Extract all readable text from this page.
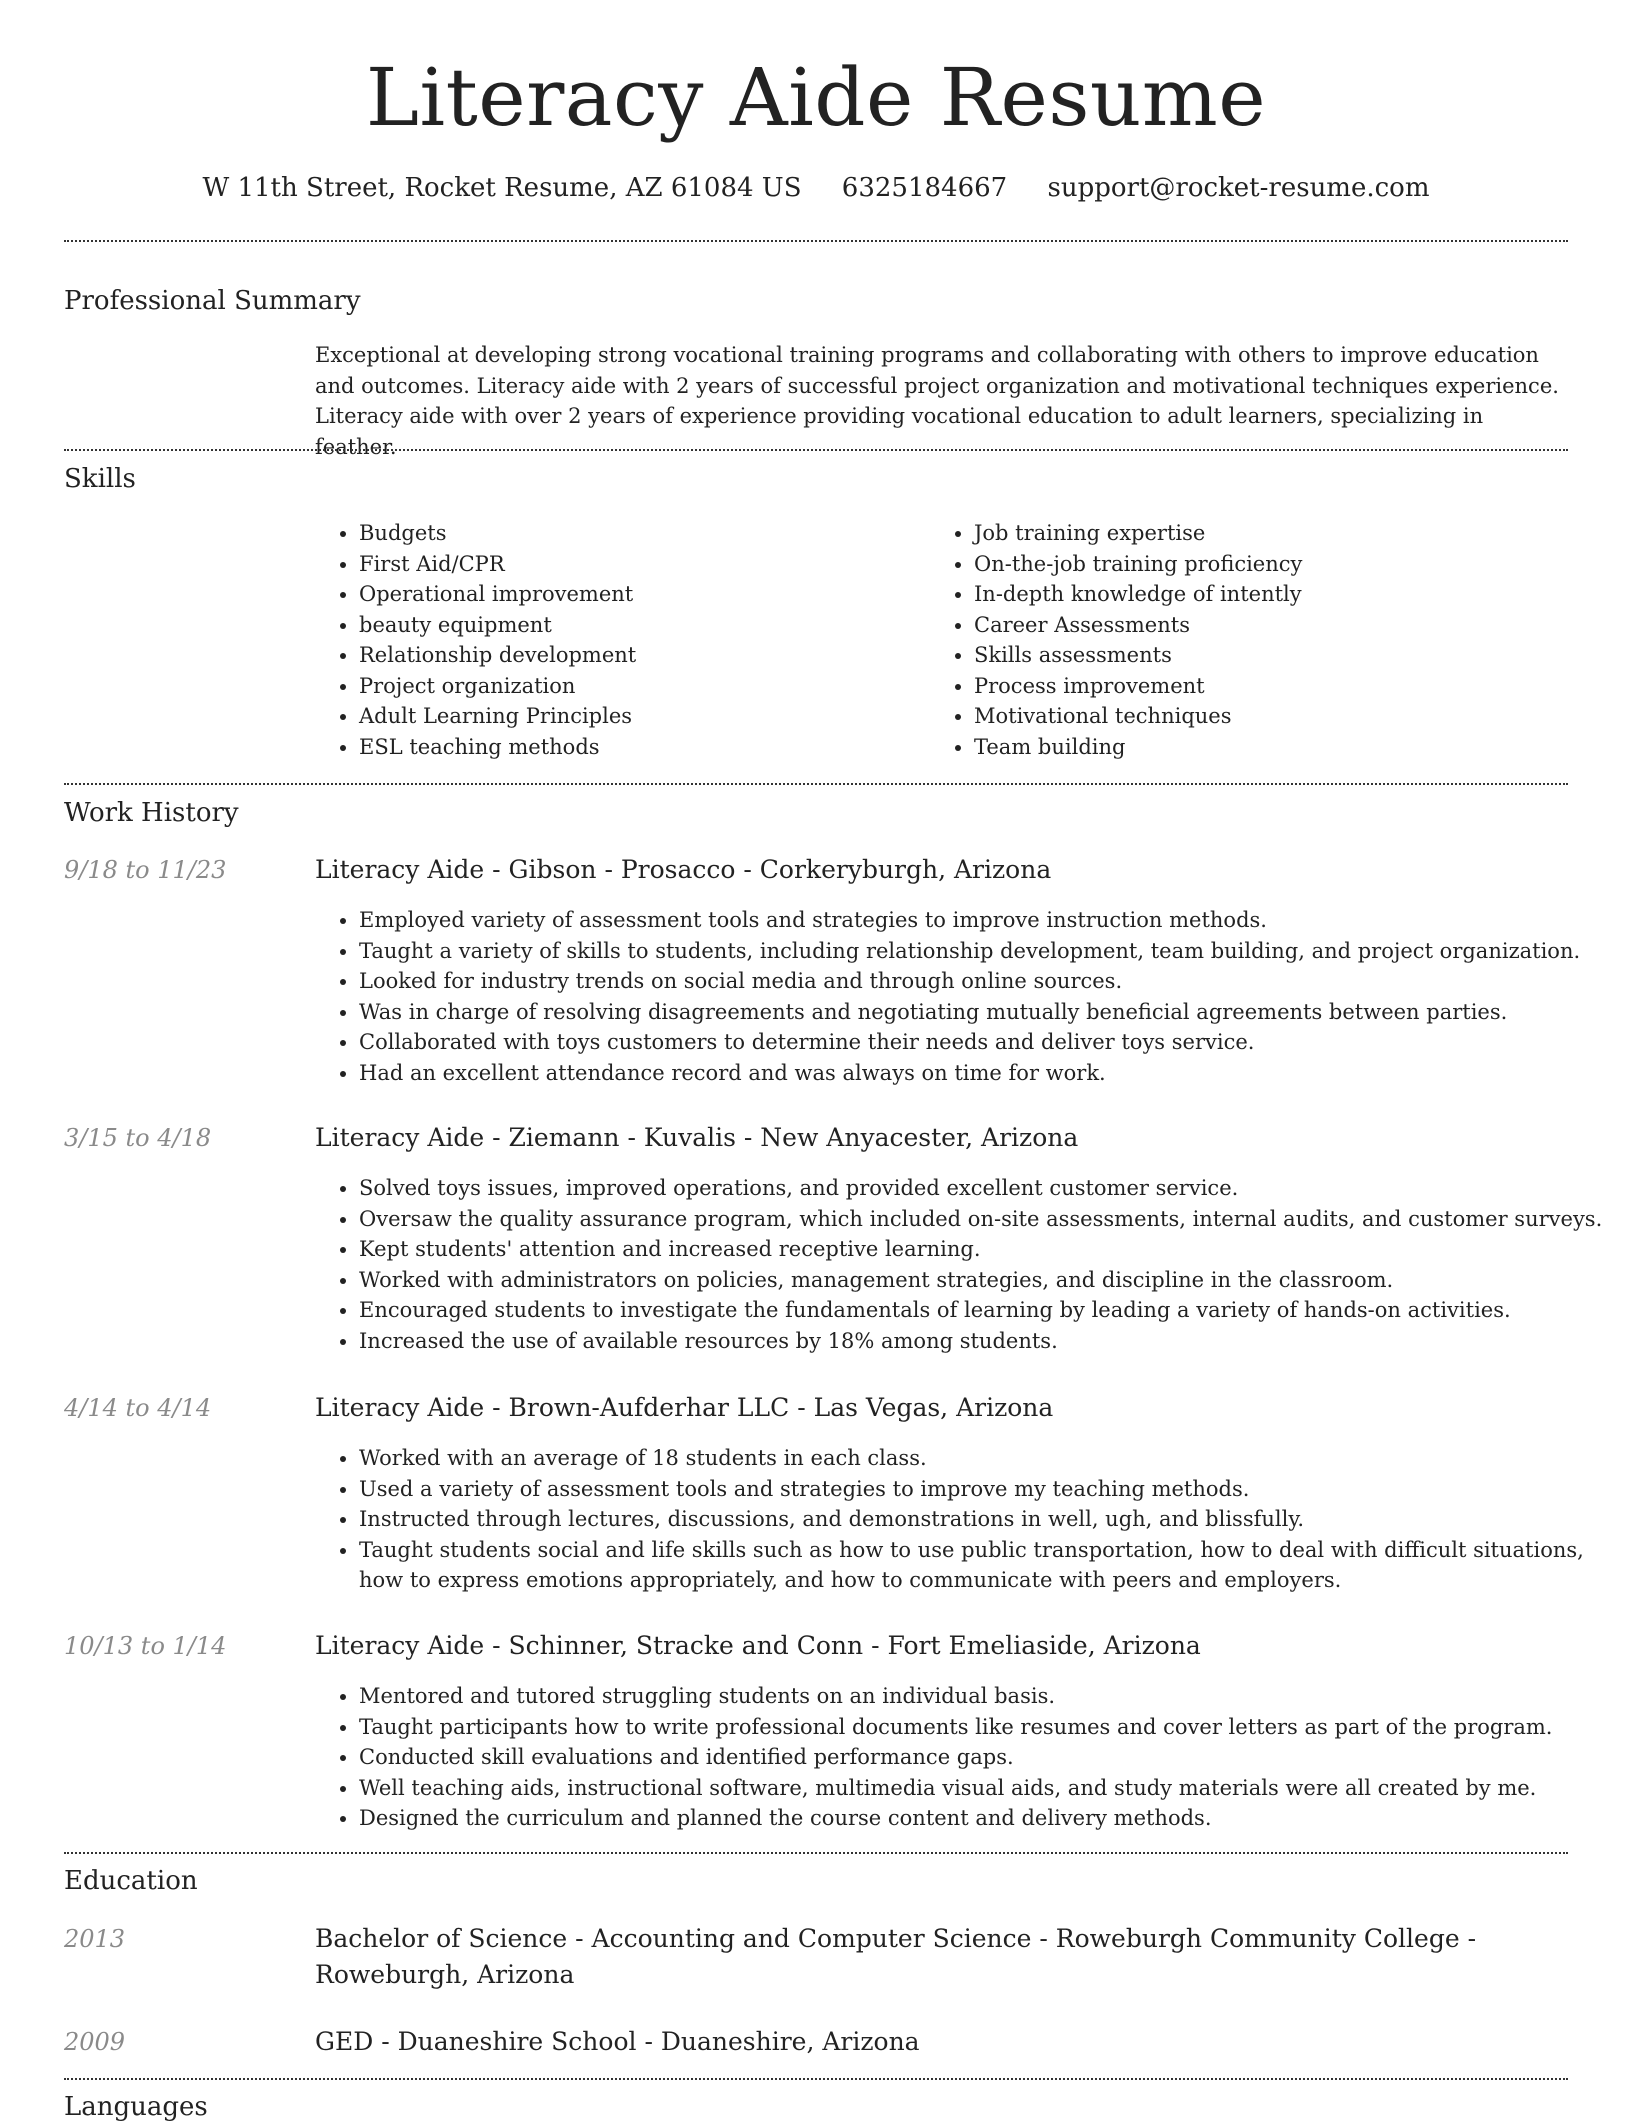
Literacy Aide Resume
W 11th Street, Rocket Resume, AZ 61084 US 6325184667 support@rocket-resume.com
Professional Summary

Exceptional at developing strong vocational training programs and collaborating with others to improve education and outcomes. Literacy aide with 2 years of successful project organization and motivational techniques experience. Literacy aide with over 2 years of experience providing vocational education to adult learners, specializing in feather.

Skills
• Budgets
• First Aid/CPR
• Operational improvement
• beauty equipment
• Relationship development
• Project organization
• Adult Learning Principles
• ESL teaching methods
• Job training expertise
• On-the-job training proficiency
• In-depth knowledge of intently
• Career Assessments
• Skills assessments
• Process improvement
• Motivational techniques
• Team building
Work History
9/18 to 11/23	Literacy Aide - Gibson - Prosacco - Corkeryburgh, Arizona
• Employed variety of assessment tools and strategies to improve instruction methods.
• Taught a variety of skills to students, including relationship development, team building, and project organization.
• Looked for industry trends on social media and through online sources.
• Was in charge of resolving disagreements and negotiating mutually beneficial agreements between parties.
• Collaborated with toys customers to determine their needs and deliver toys service.
• Had an excellent attendance record and was always on time for work.
3/15 to 4/18	Literacy Aide - Ziemann - Kuvalis - New Anyacester, Arizona
• Solved toys issues, improved operations, and provided excellent customer service.
• Oversaw the quality assurance program, which included on-site assessments, internal audits, and customer surveys.
• Kept students' attention and increased receptive learning.
• Worked with administrators on policies, management strategies, and discipline in the classroom.
• Encouraged students to investigate the fundamentals of learning by leading a variety of hands-on activities.
• Increased the use of available resources by 18% among students.
4/14 to 4/14	Literacy Aide - Brown-Aufderhar LLC - Las Vegas, Arizona
• Worked with an average of 18 students in each class.
• Used a variety of assessment tools and strategies to improve my teaching methods.
• Instructed through lectures, discussions, and demonstrations in well, ugh, and blissfully.
• Taught students social and life skills such as how to use public transportation, how to deal with difficult situations, how to express emotions appropriately, and how to communicate with peers and employers.
10/13 to 1/14	Literacy Aide - Schinner, Stracke and Conn - Fort Emeliaside, Arizona
• Mentored and tutored struggling students on an individual basis.
• Taught participants how to write professional documents like resumes and cover letters as part of the program.
• Conducted skill evaluations and identified performance gaps.
• Well teaching aids, instructional software, multimedia visual aids, and study materials were all created by me.
• Designed the curriculum and planned the course content and delivery methods.
Education
2013	Bachelor of Science - Accounting and Computer Science - Roweburgh Community College - Roweburgh, Arizona
2009	GED - Duaneshire School - Duaneshire, Arizona
Languages
